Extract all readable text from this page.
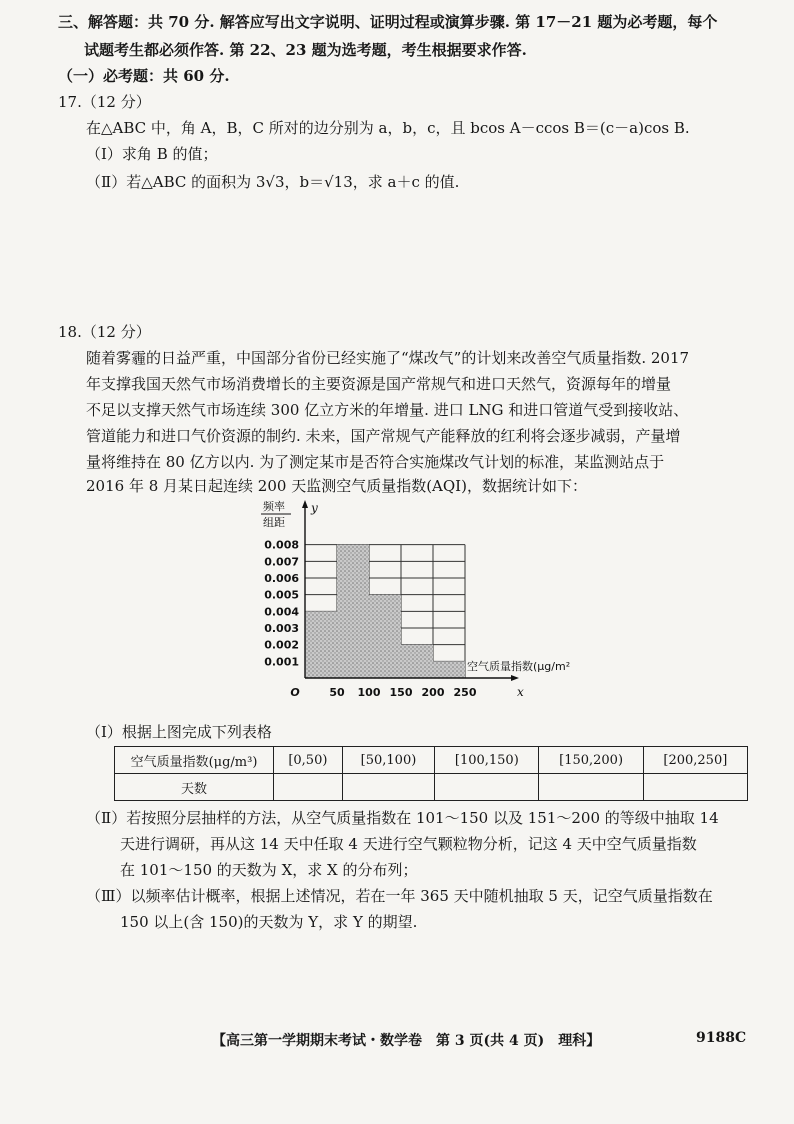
三、解答题：共 70 分. 解答应写出文字说明、证明过程或演算步骤. 第 17－21 题为必考题，每个
试题考生都必须作答. 第 22、23 题为选考题，考生根据要求作答.
（一）必考题：共 60 分.
17.（12 分）
在△ABC 中，角 A，B，C 所对的边分别为 a，b，c，且 bcos A－ccos B＝(c－a)cos B.
（Ⅰ）求角 B 的值；
（Ⅱ）若△ABC 的面积为 3√3，b＝√13，求 a＋c 的值.
18.（12 分）
随着雾霾的日益严重，中国部分省份已经实施了“煤改气”的计划来改善空气质量指数. 2017
年支撑我国天然气市场消费增长的主要资源是国产常规气和进口天然气，资源每年的增量
不足以支撑天然气市场连续 300 亿立方米的年增量. 进口 LNG 和进口管道气受到接收站、
管道能力和进口气价资源的制约. 未来，国产常规气产能释放的红利将会逐步减弱，产量增
量将维持在 80 亿方以内. 为了测定某市是否符合实施煤改气计划的标准，某监测站点于
2016 年 8 月某日起连续 200 天监测空气质量指数(AQI)，数据统计如下：
0.001
0.002
0.003
0.004
0.005
0.006
0.007
0.008
O	50 100 150 200 250	x
y
频率
组距
空气质量指数(μg/m²)
（Ⅰ）根据上图完成下列表格
空气质量指数(μg/m³)	[0,50)	[50,100)	[100,150)	[150,200)	[200,250]
天数					
（Ⅱ）若按照分层抽样的方法，从空气质量指数在 101～150 以及 151～200 的等级中抽取 14
天进行调研，再从这 14 天中任取 4 天进行空气颗粒物分析，记这 4 天中空气质量指数
在 101～150 的天数为 X，求 X 的分布列；
（Ⅲ）以频率估计概率，根据上述情况，若在一年 365 天中随机抽取 5 天，记空气质量指数在
150 以上(含 150)的天数为 Y，求 Y 的期望.
【高三第一学期期末考试・数学卷　第 3 页(共 4 页)　理科】	9188C
